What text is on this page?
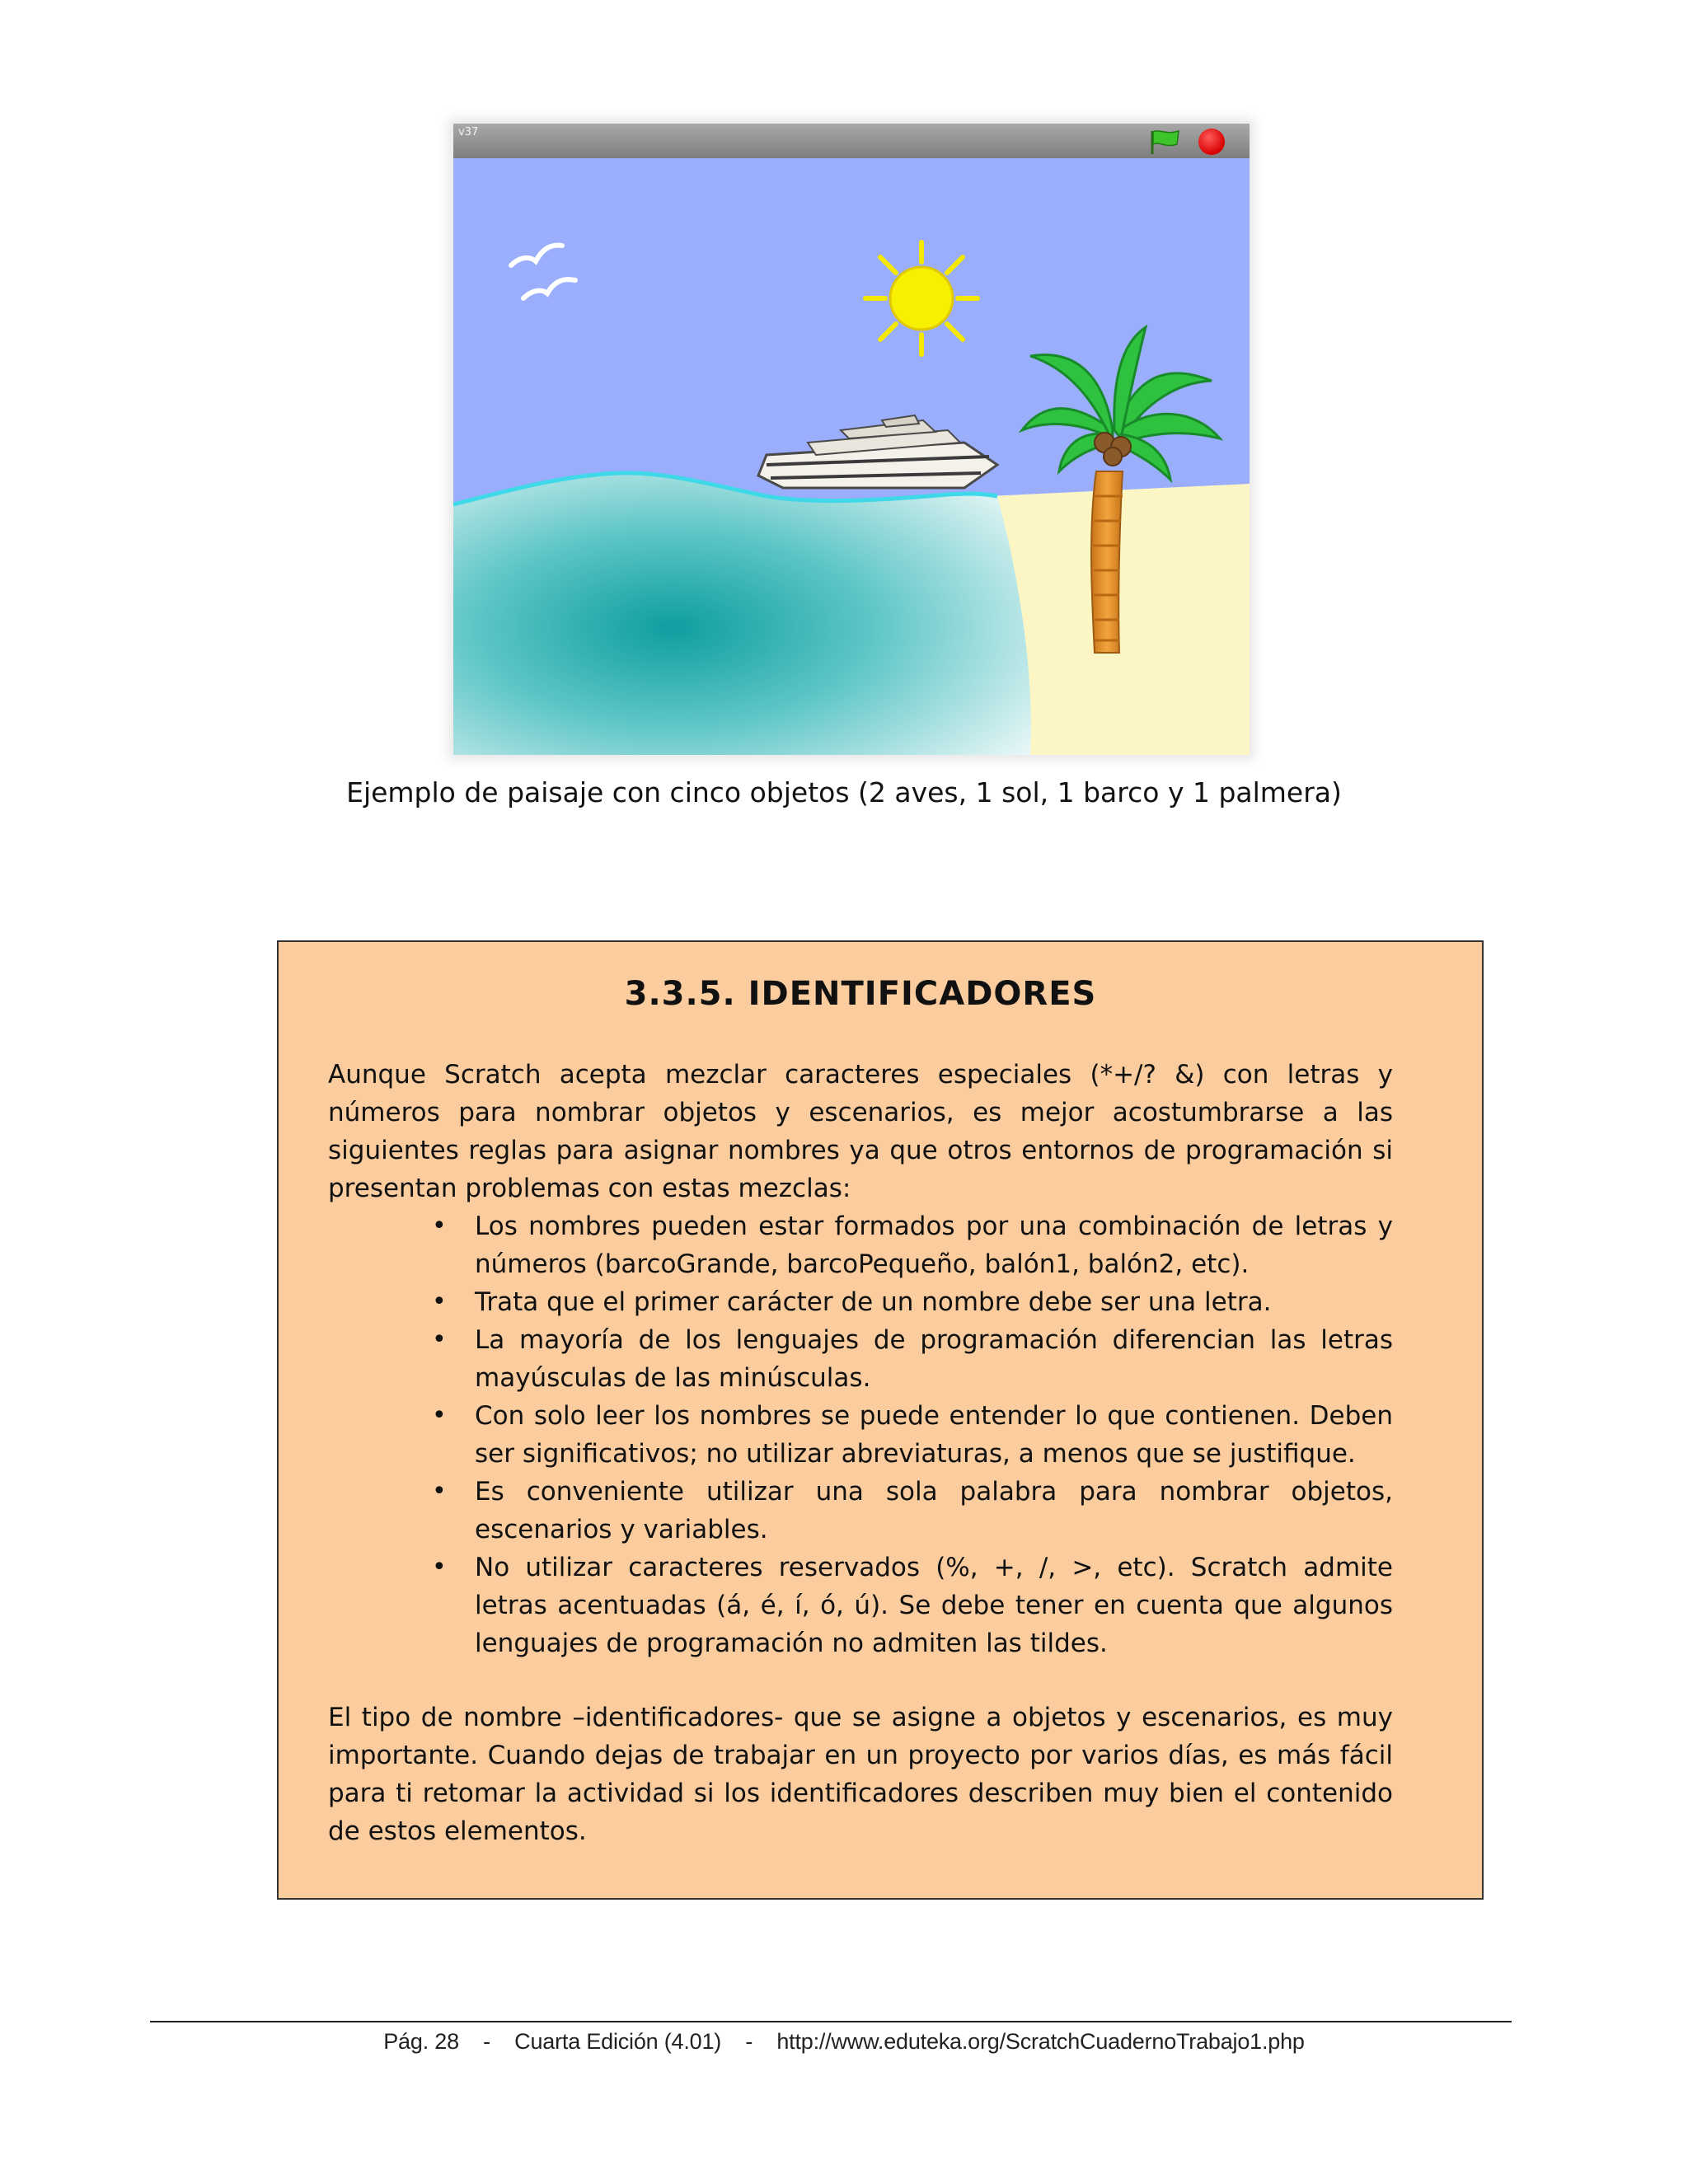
v37
Ejemplo de paisaje con cinco objetos (2 aves, 1 sol, 1 barco y 1 palmera)
3.3.5. IDENTIFICADORES

Aunque Scratch acepta mezclar caracteres especiales (*+/? &) con letras y números para nombrar objetos y escenarios, es mejor acostumbrarse a las siguientes reglas para asignar nombres ya que otros entornos de programación si presentan problemas con estas mezclas:

• Los nombres pueden estar formados por una combinación de letras y números (barcoGrande, barcoPequeño, balón1, balón2, etc).
• Trata que el primer carácter de un nombre debe ser una letra.
• La mayoría de los lenguajes de programación diferencian las letras mayúsculas de las minúsculas.
• Con solo leer los nombres se puede entender lo que contienen. Deben ser significativos; no utilizar abreviaturas, a menos que se justifique.
• Es conveniente utilizar una sola palabra para nombrar objetos, escenarios y variables.
• No utilizar caracteres reservados (%, +, /, >, etc). Scratch admite letras acentuadas (á, é, í, ó, ú). Se debe tener en cuenta que algunos lenguajes de programación no admiten las tildes.

El tipo de nombre –identificadores- que se asigne a objetos y escenarios, es muy importante. Cuando dejas de trabajar en un proyecto por varios días, es más fácil para ti retomar la actividad si los identificadores describen muy bien el contenido de estos elementos.

Pág. 28 - Cuarta Edición (4.01) - http://www.eduteka.org/ScratchCuadernoTrabajo1.php
